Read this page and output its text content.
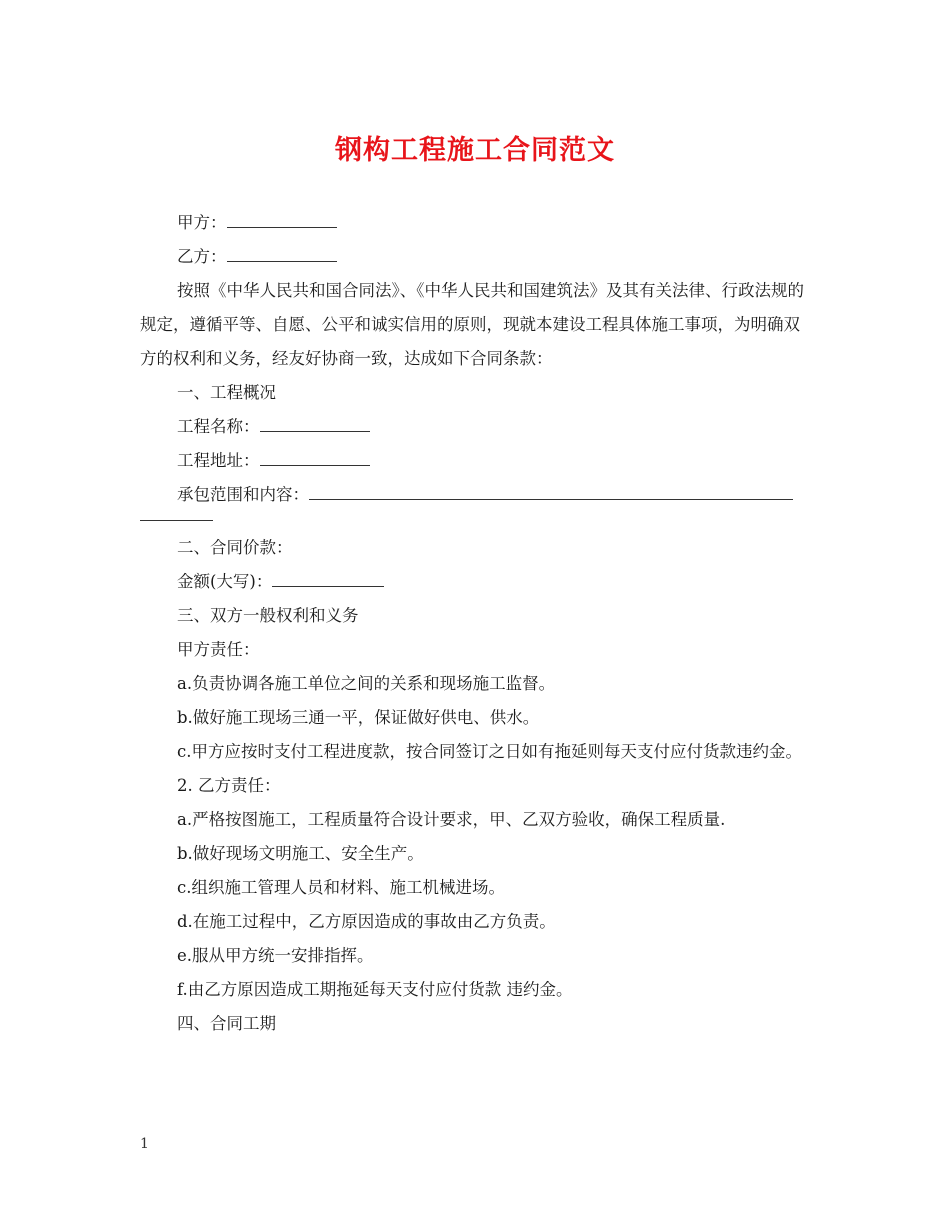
钢构工程施工合同范文

甲方：

乙方：

按照《中华人民共和国合同法》、《中华人民共和国建筑法》及其有关法律、行政法规的规定，遵循平等、自愿、公平和诚实信用的原则，现就本建设工程具体施工事项，为明确双方的权利和义务，经友好协商一致，达成如下合同条款：

一、工程概况

工程名称：

工程地址：

承包范围和内容：

二、合同价款：

金额(大写)：

三、双方一般权利和义务

甲方责任：

a.负责协调各施工单位之间的关系和现场施工监督。

b.做好施工现场三通一平，保证做好供电、供水。

c.甲方应按时支付工程进度款，按合同签订之日如有拖延则每天支付应付货款违约金。

2. 乙方责任：

a.严格按图施工，工程质量符合设计要求，甲、乙双方验收，确保工程质量.

b.做好现场文明施工、安全生产。

c.组织施工管理人员和材料、施工机械进场。

d.在施工过程中，乙方原因造成的事故由乙方负责。

e.服从甲方统一安排指挥。

f.由乙方原因造成工期拖延每天支付应付货款 违约金。

四、合同工期

1
